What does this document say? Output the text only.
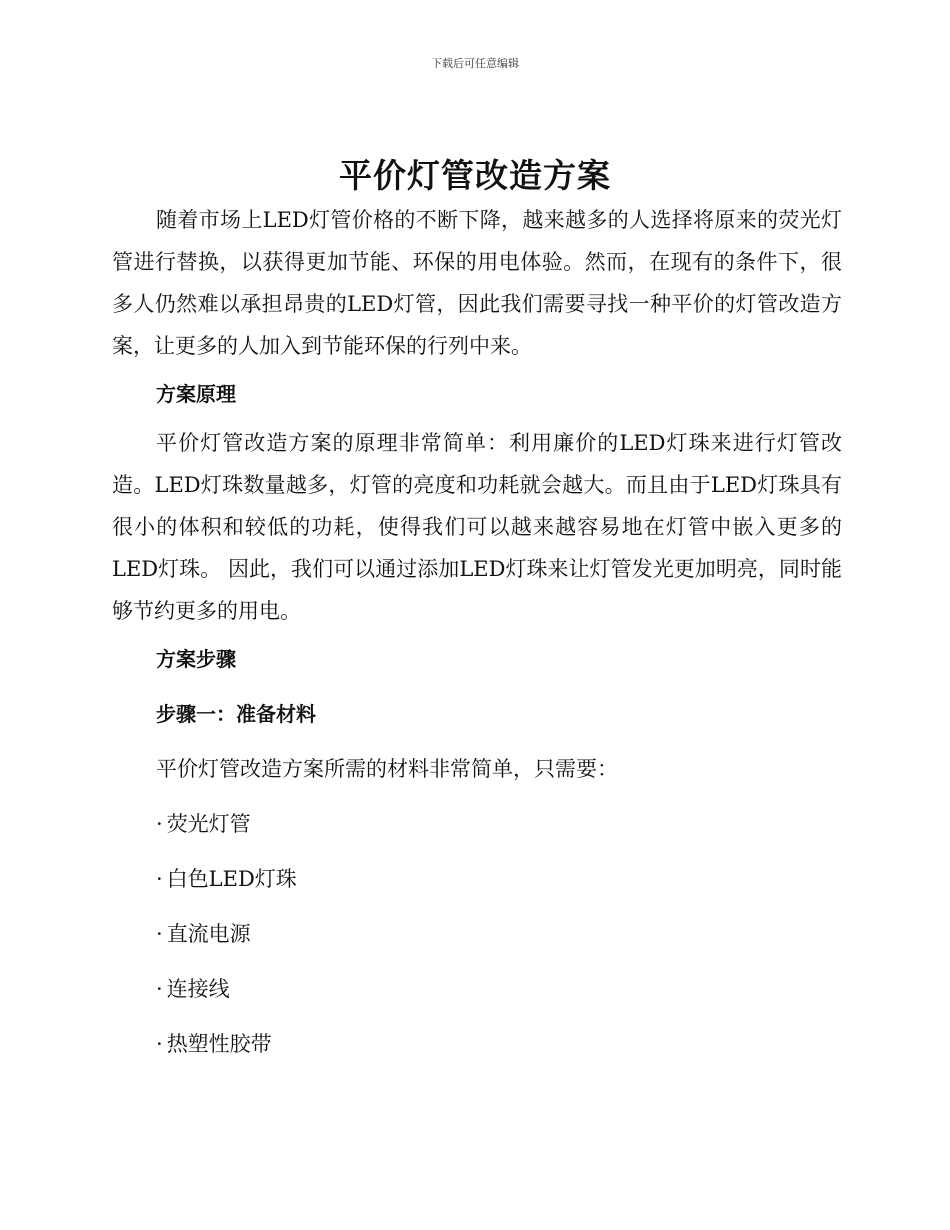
下载后可任意编辑
平价灯管改造方案

随着市场上LED灯管价格的不断下降，越来越多的人选择将原来的荧光灯管进行替换，以获得更加节能、环保的用电体验。然而，在现有的条件下，很多人仍然难以承担昂贵的LED灯管，因此我们需要寻找一种平价的灯管改造方案，让更多的人加入到节能环保的行列中来。

方案原理

平价灯管改造方案的原理非常简单：利用廉价的LED灯珠来进行灯管改造。LED灯珠数量越多，灯管的亮度和功耗就会越大。而且由于LED灯珠具有很小的体积和较低的功耗，使得我们可以越来越容易地在灯管中嵌入更多的LED灯珠。 因此，我们可以通过添加LED灯珠来让灯管发光更加明亮，同时能够节约更多的用电。

方案步骤
步骤一：准备材料

平价灯管改造方案所需的材料非常简单，只需要：

· 荧光灯管
· 白色LED灯珠
· 直流电源
· 连接线
· 热塑性胶带
